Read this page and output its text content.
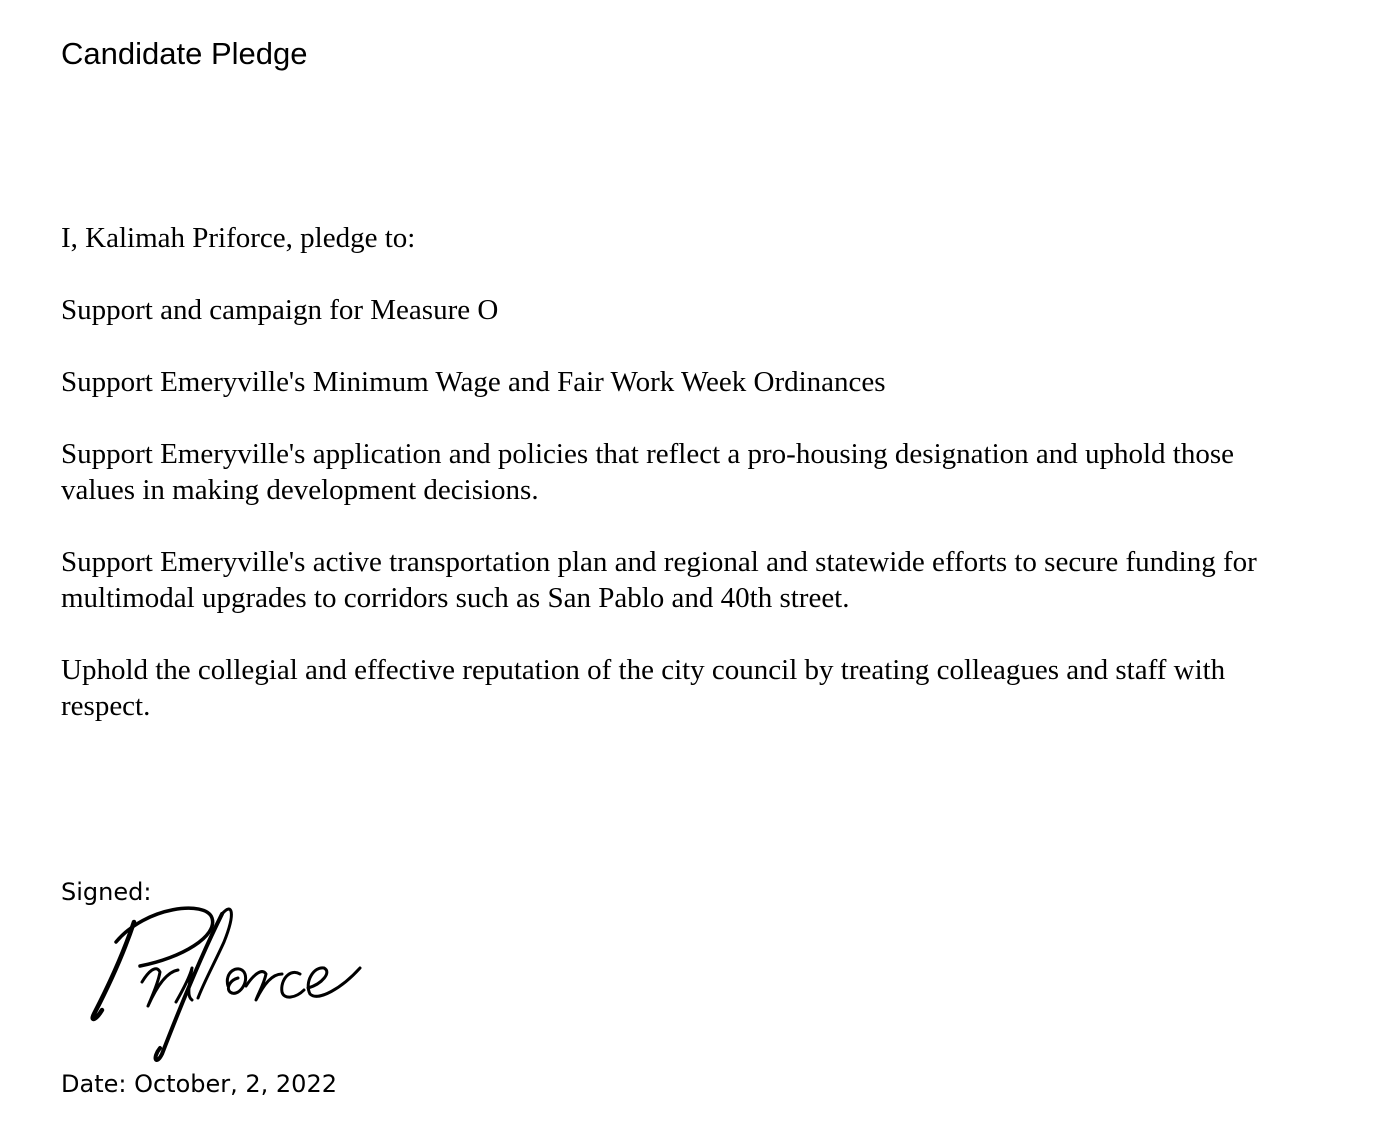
Candidate Pledge

I, Kalimah Priforce, pledge to:

Support and campaign for Measure O

Support Emeryville's Minimum Wage and Fair Work Week Ordinances

Support Emeryville's application and policies that reflect a pro-housing designation and uphold those values in making development decisions.

Support Emeryville's active transportation plan and regional and statewide efforts to secure funding for multimodal upgrades to corridors such as San Pablo and 40th street.

Uphold the collegial and effective reputation of the city council by treating colleagues and staff with respect.

Signed:
Date: October, 2, 2022
